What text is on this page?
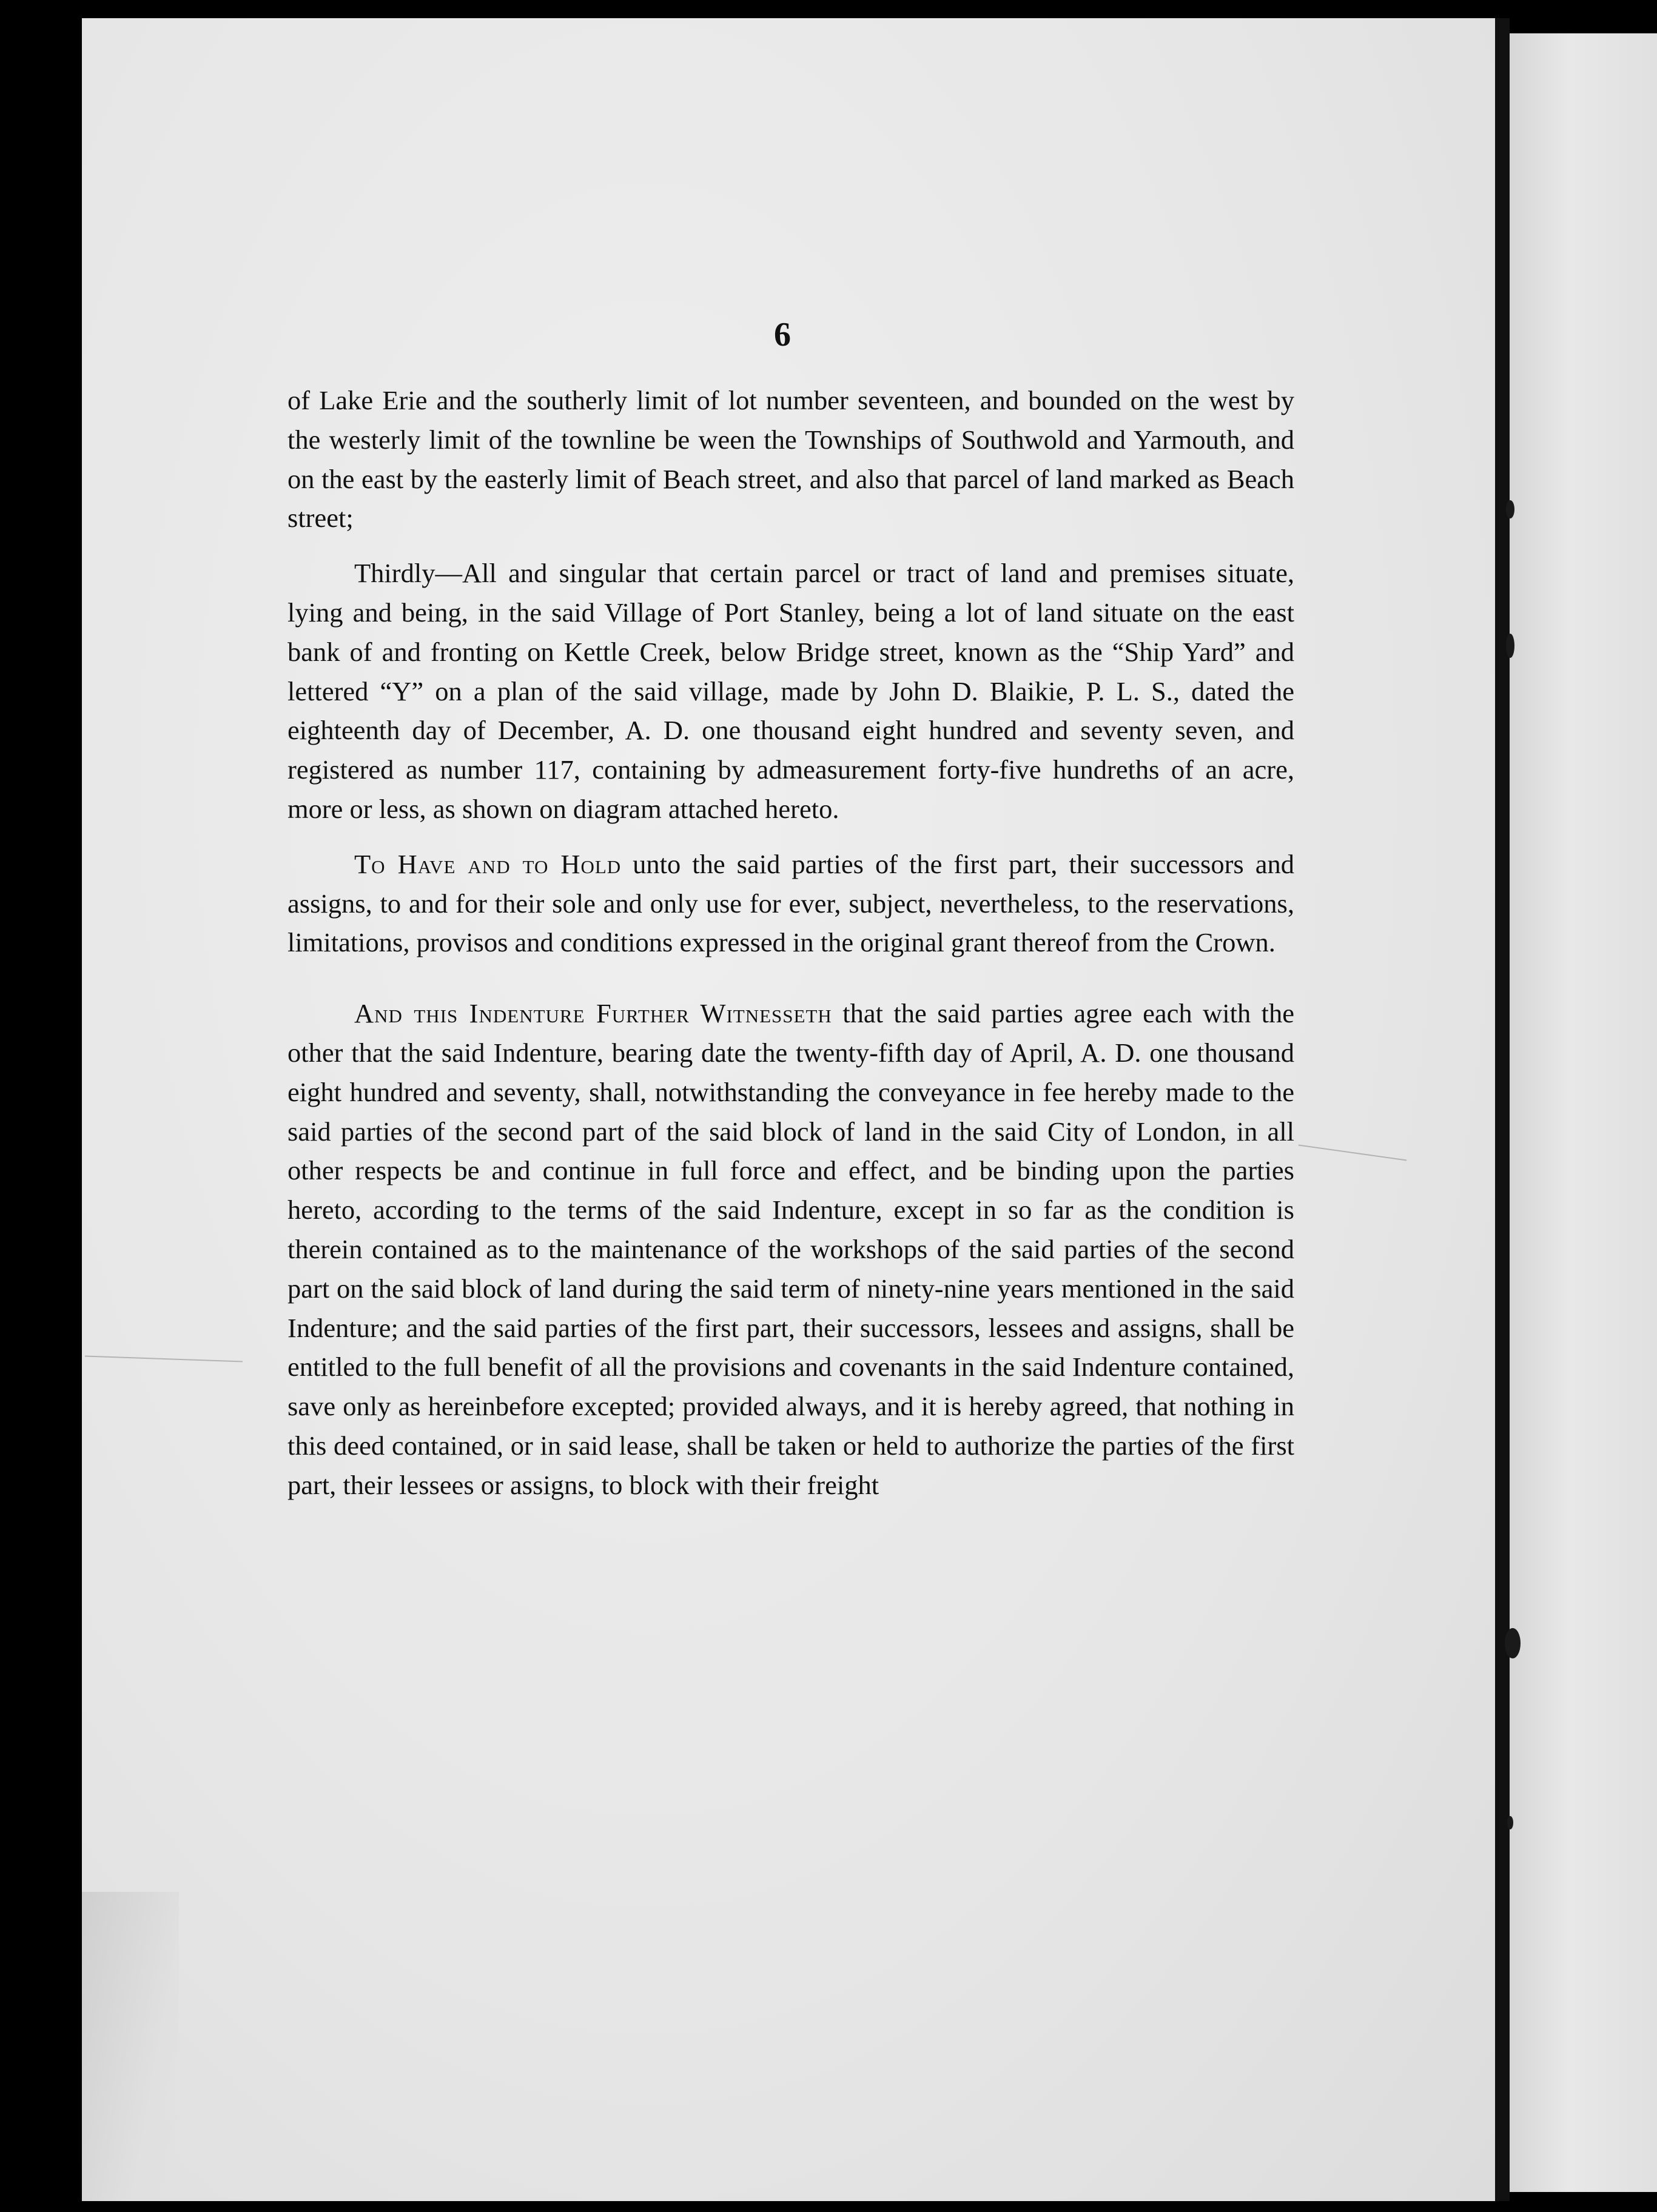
6

of Lake Erie and the southerly limit of lot number seventeen, and bounded on the west by the westerly limit of the townline be ween the Townships of Southwold and Yarmouth, and on the east by the easterly limit of Beach street, and also that parcel of land marked as Beach street;

Thirdly—All and singular that certain parcel or tract of land and premises situate, lying and being, in the said Village of Port Stanley, being a lot of land situate on the east bank of and fronting on Kettle Creek, below Bridge street, known as the “Ship Yard” and lettered “Y” on a plan of the said village, made by John D. Blaikie, P. L. S., dated the eighteenth day of December, A. D. one thousand eight hundred and seventy seven, and registered as number 117, containing by admeasurement forty-five hundreths of an acre, more or less, as shown on diagram attached hereto.

To Have and to Hold unto the said parties of the first part, their successors and assigns, to and for their sole and only use for ever, subject, nevertheless, to the reservations, limitations, provisos and conditions expressed in the original grant thereof from the Crown.

And this Indenture Further Witnesseth that the said parties agree each with the other that the said Indenture, bearing date the twenty-fifth day of April, A. D. one thousand eight hundred and seventy, shall, notwithstanding the conveyance in fee hereby made to the said parties of the second part of the said block of land in the said City of London, in all other respects be and continue in full force and effect, and be binding upon the parties hereto, according to the terms of the said Indenture, except in so far as the condition is therein contained as to the maintenance of the workshops of the said parties of the second part on the said block of land during the said term of ninety-nine years mentioned in the said Indenture; and the said parties of the first part, their successors, lessees and assigns, shall be entitled to the full benefit of all the provisions and covenants in the said Indenture contained, save only as hereinbefore excepted; provided always, and it is hereby agreed, that nothing in this deed contained, or in said lease, shall be taken or held to authorize the parties of the first part, their lessees or assigns, to block with their freight
